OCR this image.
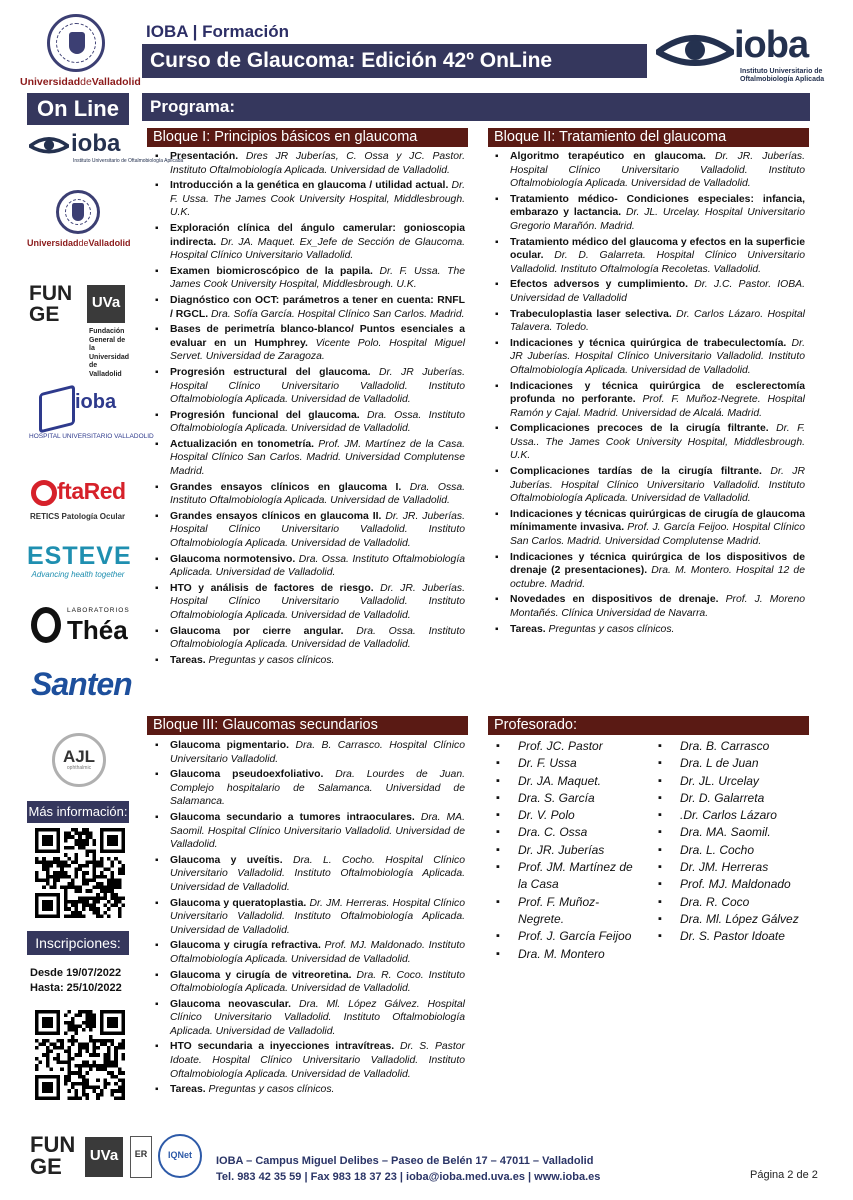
UniversidaddeValladolid
IOBA | Formación
Curso de Glaucoma: Edición 42º OnLine	ioba
Instituto Universitario de
Oftalmobiología Aplicada
On Line
ioba
Instituto Universitario de Oftalmobiología Aplicada
UniversidaddeValladolid
FUN
GE
UVa
Fundación
General de la
Universidad
de Valladolid
ioba
HOSPITAL UNIVERSITARIO VALLADOLID
ftaRed
RETICS Patología Ocular
ESTEVE
Advancing health together
LABORATORIOS
Théa
Santen
AJL
ophthalmic
Más información:
Inscripciones:
Desde 19/07/2022
Hasta: 25/10/2022
Programa:
Bloque I: Principios básicos en glaucoma
▪ Presentación. Dres JR Juberías, C. Ossa y JC. Pastor. Instituto Oftalmobiología Aplicada. Universidad de Valladolid.
▪ Introducción a la genética en glaucoma / utilidad actual. Dr. F. Ussa. The James Cook University Hospital, Middlesbrough. U.K.
▪ Exploración clínica del ángulo camerular: gonioscopia indirecta. Dr. JA. Maquet. Ex_Jefe de Sección de Glaucoma. Hospital Clínico Universitario Valladolid.
▪ Examen biomicroscópico de la papila. Dr. F. Ussa. The James Cook University Hospital, Middlesbrough. U.K.
▪ Diagnóstico con OCT: parámetros a tener en cuenta: RNFL / RGCL. Dra. Sofía García. Hospital Clínico San Carlos. Madrid.
▪ Bases de perimetría blanco-blanco/ Puntos esenciales a evaluar en un Humphrey. Vicente Polo. Hospital Miguel Servet. Universidad de Zaragoza.
▪ Progresión estructural del glaucoma. Dr. JR Juberías. Hospital Clínico Universitario Valladolid. Instituto Oftalmobiología Aplicada. Universidad de Valladolid.
▪ Progresión funcional del glaucoma. Dra. Ossa. Instituto Oftalmobiología Aplicada. Universidad de Valladolid.
▪ Actualización en tonometría. Prof. JM. Martínez de la Casa. Hospital Clínico San Carlos. Madrid. Universidad Complutense Madrid.
▪ Grandes ensayos clínicos en glaucoma I. Dra. Ossa. Instituto Oftalmobiología Aplicada. Universidad de Valladolid.
▪ Grandes ensayos clínicos en glaucoma II. Dr. JR. Juberías. Hospital Clínico Universitario Valladolid. Instituto Oftalmobiología Aplicada. Universidad de Valladolid.
▪ Glaucoma normotensivo. Dra. Ossa. Instituto Oftalmobiología Aplicada. Universidad de Valladolid.
▪ HTO y análisis de factores de riesgo. Dr. JR. Juberías. Hospital Clínico Universitario Valladolid. Instituto Oftalmobiología Aplicada. Universidad de Valladolid.
▪ Glaucoma por cierre angular. Dra. Ossa. Instituto Oftalmobiología Aplicada. Universidad de Valladolid.
▪ Tareas. Preguntas y casos clínicos.
Bloque II: Tratamiento del glaucoma
▪ Algoritmo terapéutico en glaucoma. Dr. JR. Juberías. Hospital Clínico Universitario Valladolid. Instituto Oftalmobiología Aplicada. Universidad de Valladolid.
▪ Tratamiento médico- Condiciones especiales: infancia, embarazo y lactancia. Dr. JL. Urcelay. Hospital Universitario Gregorio Marañón. Madrid.
▪ Tratamiento médico del glaucoma y efectos en la superficie ocular. Dr. D. Galarreta. Hospital Clínico Universitario Valladolid. Instituto Oftalmología Recoletas. Valladolid.
▪ Efectos adversos y cumplimiento. Dr. J.C. Pastor. IOBA. Universidad de Valladolid
▪ Trabeculoplastia laser selectiva. Dr. Carlos Lázaro. Hospital Talavera. Toledo.
▪ Indicaciones y técnica quirúrgica de trabeculectomía. Dr. JR Juberías. Hospital Clínico Universitario Valladolid. Instituto Oftalmobiología Aplicada. Universidad de Valladolid.
▪ Indicaciones y técnica quirúrgica de esclerectomía profunda no perforante. Prof. F. Muñoz-Negrete. Hospital Ramón y Cajal. Madrid. Universidad de Alcalá. Madrid.
▪ Complicaciones precoces de la cirugía filtrante. Dr. F. Ussa.. The James Cook University Hospital, Middlesbrough. U.K.
▪ Complicaciones tardías de la cirugía filtrante. Dr. JR Juberías. Hospital Clínico Universitario Valladolid. Instituto Oftalmobiología Aplicada. Universidad de Valladolid.
▪ Indicaciones y técnicas quirúrgicas de cirugía de glaucoma mínimamente invasiva. Prof. J. García Feijoo. Hospital Clínico San Carlos. Madrid. Universidad Complutense Madrid.
▪ Indicaciones y técnica quirúrgica de los dispositivos de drenaje (2 presentaciones). Dra. M. Montero. Hospital 12 de octubre. Madrid.
▪ Novedades en dispositivos de drenaje. Prof. J. Moreno Montañés. Clínica Universidad de Navarra.
▪ Tareas. Preguntas y casos clínicos.
Bloque III: Glaucomas secundarios
▪ Glaucoma pigmentario. Dra. B. Carrasco. Hospital Clínico Universitario Valladolid.
▪ Glaucoma pseudoexfoliativo. Dra. Lourdes de Juan. Complejo hospitalario de Salamanca. Universidad de Salamanca.
▪ Glaucoma secundario a tumores intraoculares. Dra. MA. Saomil. Hospital Clínico Universitario Valladolid. Universidad de Valladolid.
▪ Glaucoma y uveítis. Dra. L. Cocho. Hospital Clínico Universitario Valladolid. Instituto Oftalmobiología Aplicada. Universidad de Valladolid.
▪ Glaucoma y queratoplastia. Dr. JM. Herreras. Hospital Clínico Universitario Valladolid. Instituto Oftalmobiología Aplicada. Universidad de Valladolid.
▪ Glaucoma y cirugía refractiva. Prof. MJ. Maldonado. Instituto Oftalmobiología Aplicada. Universidad de Valladolid.
▪ Glaucoma y cirugía de vitreoretina. Dra. R. Coco. Instituto Oftalmobiología Aplicada. Universidad de Valladolid.
▪ Glaucoma neovascular. Dra. Ml. López Gálvez. Hospital Clínico Universitario Valladolid. Instituto Oftalmobiología Aplicada. Universidad de Valladolid.
▪ HTO secundaria a inyecciones intravítreas. Dr. S. Pastor Idoate. Hospital Clínico Universitario Valladolid. Instituto Oftalmobiología Aplicada. Universidad de Valladolid.
▪ Tareas. Preguntas y casos clínicos.
Profesorado:
▪ Prof. JC. Pastor
▪ Dr. F. Ussa
▪ Dr. JA. Maquet.
▪ Dra. S. García
▪ Dr. V. Polo
▪ Dra. C. Ossa
▪ Dr. JR. Juberías
▪ Prof. JM. Martínez de la Casa
▪ Prof. F. Muñoz-Negrete.
▪ Prof. J. García Feijoo
▪ Dra. M. Montero
▪ Dra. B. Carrasco
▪ Dra. L de Juan
▪ Dr. JL. Urcelay
▪ Dr. D. Galarreta
▪ .Dr. Carlos Lázaro
▪ Dra. MA. Saomil.
▪ Dra. L. Cocho
▪ Dr. JM. Herreras
▪ Prof. MJ. Maldonado
▪ Dra. R. Coco
▪ Dra. Ml. López Gálvez
▪ Dr. S. Pastor Idoate
FUN
GE	UVa	ER	IQNet	IOBA – Campus Miguel Delibes – Paseo de Belén 17 – 47011 – Valladolid
Tel. 983 42 35 59 | Fax 983 18 37 23 | ioba@ioba.med.uva.es | www.ioba.es	Página 2 de 2
